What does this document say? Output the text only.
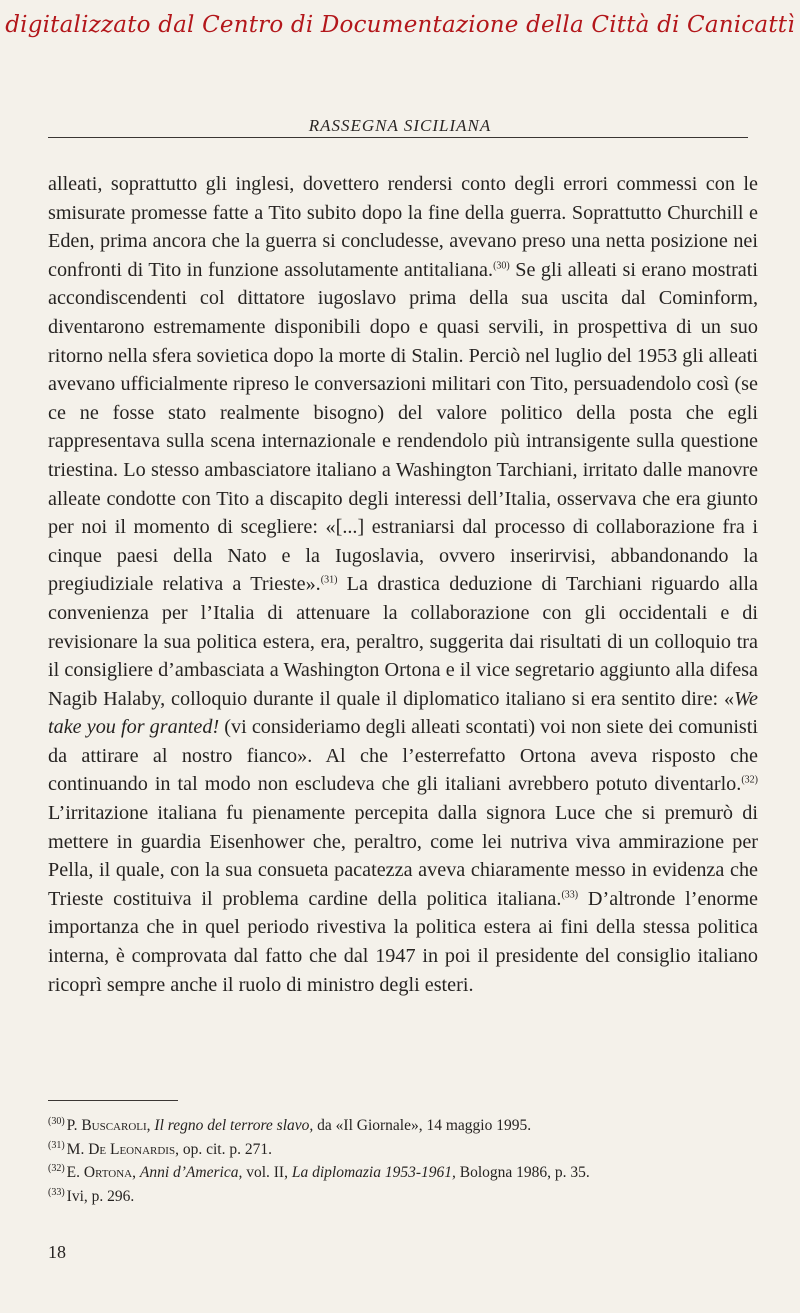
digitalizzato dal Centro di Documentazione della Città di Canicattì
RASSEGNA SICILIANA

alleati, soprattutto gli inglesi, dovettero rendersi conto degli errori commessi con le smisurate promesse fatte a Tito subito dopo la fine della guerra. Soprattutto Churchill e Eden, prima ancora che la guerra si concludesse, avevano preso una netta posizione nei confronti di Tito in funzione assolutamente antitaliana.$^{(30)}$ Se gli alleati si erano mostrati accondiscendenti col dittatore iugoslavo prima della sua uscita dal Cominform, diventarono estremamente disponibili dopo e quasi servili, in prospettiva di un suo ritorno nella sfera sovietica dopo la morte di Stalin. Perciò nel luglio del 1953 gli alleati avevano ufficialmente ripreso le conversazioni militari con Tito, persuadendolo così (se ce ne fosse stato realmente bisogno) del valore politico della posta che egli rappresentava sulla scena internazionale e rendendolo più intransigente sulla questione triestina. Lo stesso ambasciatore italiano a Washington Tarchiani, irritato dalle manovre alleate condotte con Tito a discapito degli interessi dell’Italia, osservava che era giunto per noi il momento di scegliere: «[...] estraniarsi dal processo di collaborazione fra i cinque paesi della Nato e la Iugoslavia, ovvero inserirvisi, abbandonando la pregiudiziale relativa a Trieste».$^{(31)}$ La drastica deduzione di Tarchiani riguardo alla convenienza per l’Italia di attenuare la collaborazione con gli occidentali e di revisionare la sua politica estera, era, peraltro, suggerita dai risultati di un colloquio tra il consigliere d’ambasciata a Washington Ortona e il vice segretario aggiunto alla difesa Nagib Halaby, colloquio durante il quale il diplomatico italiano si era sentito dire: «We take you for granted! (vi consideriamo degli alleati scontati) voi non siete dei comunisti da attirare al nostro fianco». Al che l’esterrefatto Ortona aveva risposto che continuando in tal modo non escludeva che gli italiani avrebbero potuto diventarlo.$^{(32)}$ L’irritazione italiana fu pienamente percepita dalla signora Luce che si premurò di mettere in guardia Eisenhower che, peraltro, come lei nutriva viva ammirazione per Pella, il quale, con la sua consueta pacatezza aveva chiaramente messo in evidenza che Trieste costituiva il problema cardine della politica italiana.$^{(33)}$ D’altronde l’enorme importanza che in quel periodo rivestiva la politica estera ai fini della stessa politica interna, è comprovata dal fatto che dal 1947 in poi il presidente del consiglio italiano ricoprì sempre anche il ruolo di ministro degli esteri.

$^{(30)}$ P. Buscaroli, Il regno del terrore slavo, da «Il Giornale», 14 maggio 1995.
$^{(31)}$ M. De Leonardis, op. cit. p. 271.
$^{(32)}$ E. Ortona, Anni d’America, vol. II, La diplomazia 1953-1961, Bologna 1986, p. 35.
$^{(33)}$ Ivi, p. 296.
18
